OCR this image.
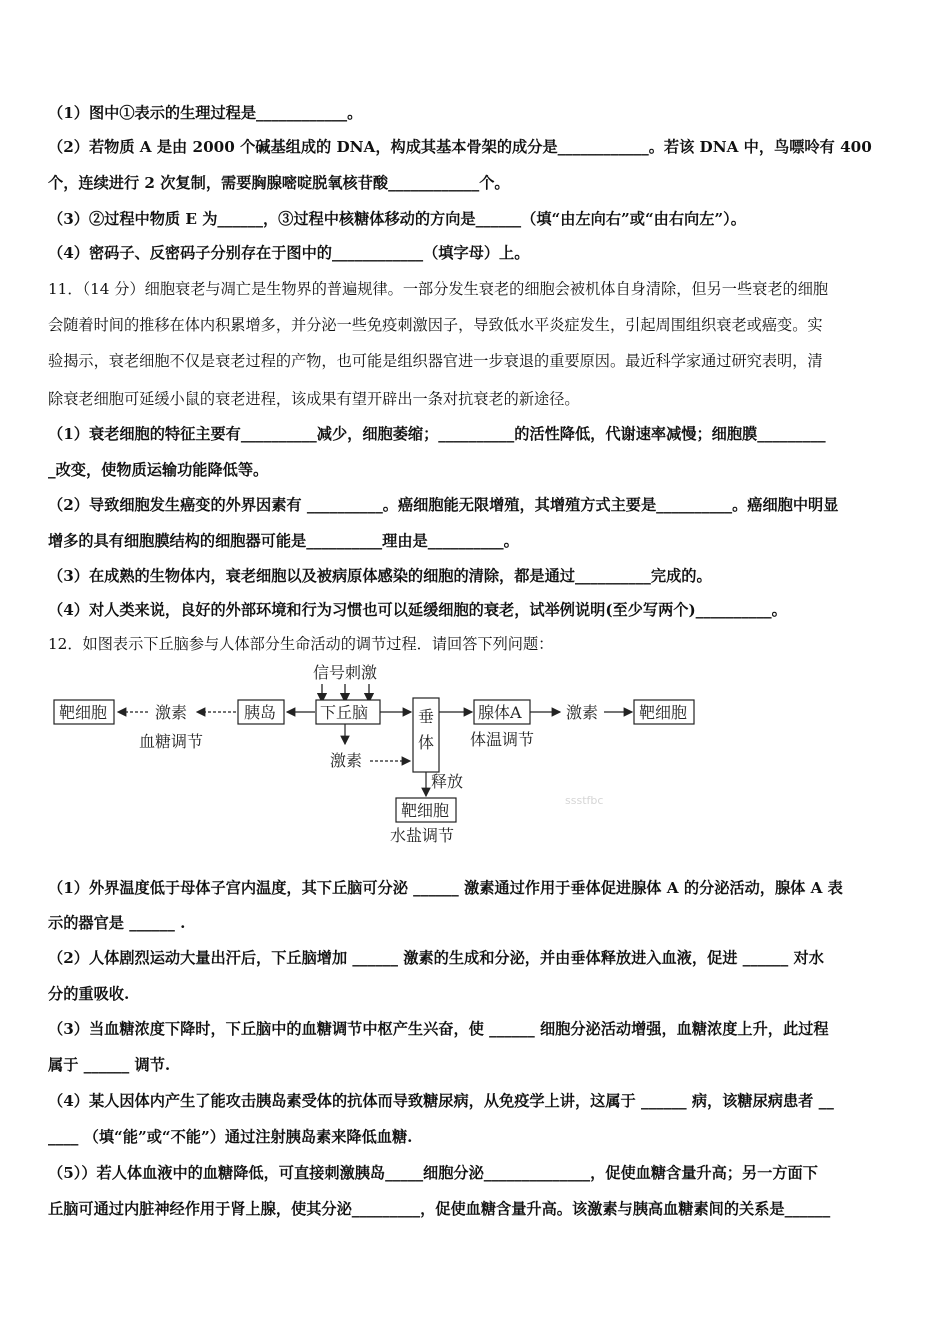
（1）图中①表示的生理过程是____________。
（2）若物质 A 是由 2000 个碱基组成的 DNA，构成其基本骨架的成分是____________。若该 DNA 中，鸟嘌呤有 400
个，连续进行 2 次复制，需要胸腺嘧啶脱氧核苷酸____________个。
（3）②过程中物质 E 为______，③过程中核糖体移动的方向是______（填“由左向右”或“由右向左”）。
（4）密码子、反密码子分别存在于图中的____________（填字母）上。
11．（14 分）细胞衰老与凋亡是生物界的普遍规律。一部分发生衰老的细胞会被机体自身清除，但另一些衰老的细胞
会随着时间的推移在体内积累增多，并分泌一些免疫刺激因子，导致低水平炎症发生，引起周围组织衰老或癌变。实
验揭示，衰老细胞不仅是衰老过程的产物，也可能是组织器官进一步衰退的重要原因。最近科学家通过研究表明，清
除衰老细胞可延缓小鼠的衰老进程，该成果有望开辟出一条对抗衰老的新途径。
（1）衰老细胞的特征主要有__________减少，细胞萎缩；__________的活性降低，代谢速率减慢；细胞膜_________
_改变，使物质运输功能降低等。
（2）导致细胞发生癌变的外界因素有 __________。癌细胞能无限增殖，其增殖方式主要是__________。癌细胞中明显
增多的具有细胞膜结构的细胞器可能是__________理由是__________。
（3）在成熟的生物体内，衰老细胞以及被病原体感染的细胞的清除，都是通过__________完成的。
（4）对人类来说，良好的外部环境和行为习惯也可以延缓细胞的衰老，试举例说明(至少写两个)__________。
12．如图表示下丘脑参与人体部分生命活动的调节过程．请回答下列问题：
信号刺激
靶细胞	激素
血糖调节
胰岛	下丘脑
激素
垂
体
释放
靶细胞
水盐调节
腺体A
体温调节
激素	靶细胞
ssstfbc
（1）外界温度低于母体子宫内温度，其下丘脑可分泌 ______ 激素通过作用于垂体促进腺体 A 的分泌活动，腺体 A 表
示的器官是 ______ .
（2）人体剧烈运动大量出汗后，下丘脑增加 ______ 激素的生成和分泌，并由垂体释放进入血液，促进 ______ 对水
分的重吸收.
（3）当血糖浓度下降时，下丘脑中的血糖调节中枢产生兴奋，使 ______ 细胞分泌活动增强，血糖浓度上升，此过程
属于 ______ 调节.
（4）某人因体内产生了能攻击胰岛素受体的抗体而导致糖尿病，从免疫学上讲，这属于 ______ 病，该糖尿病患者 __
____ （填“能”或“不能”）通过注射胰岛素来降低血糖.
（5））若人体血液中的血糖降低，可直接刺激胰岛_____细胞分泌______________，促使血糖含量升高；另一方面下
丘脑可通过内脏神经作用于肾上腺，使其分泌_________，促使血糖含量升高。该激素与胰高血糖素间的关系是______
